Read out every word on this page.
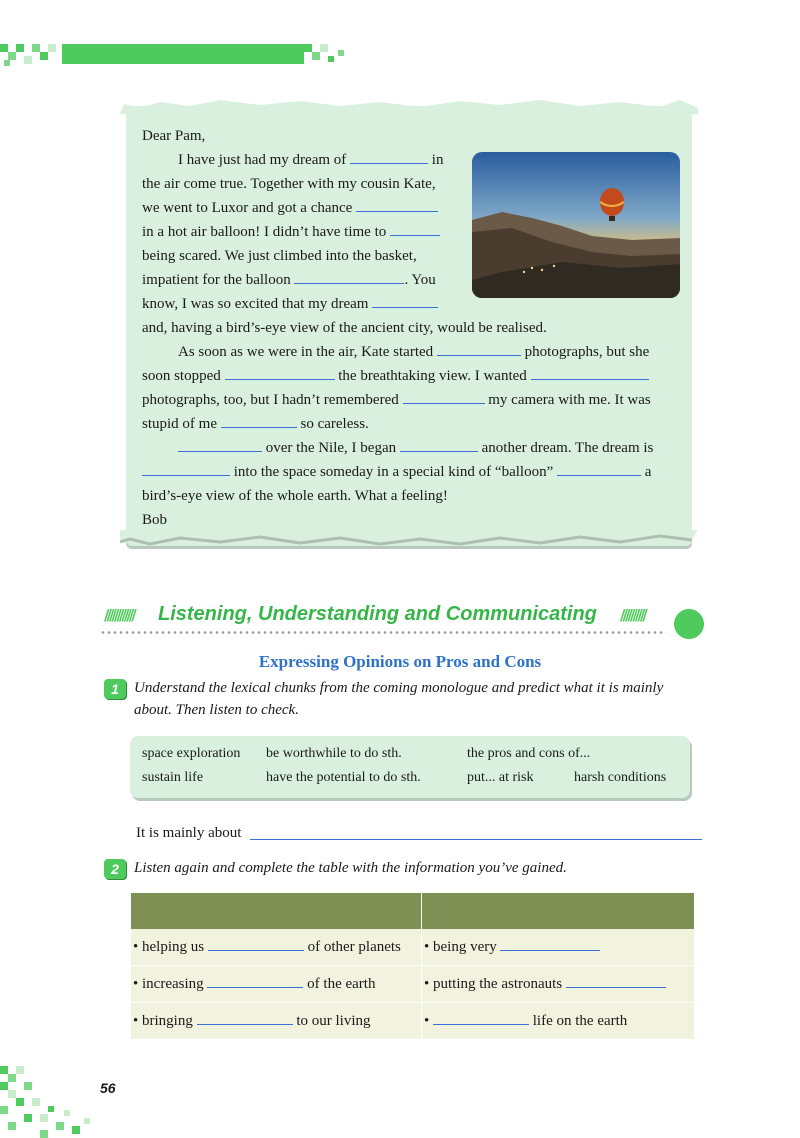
Dear Pam,
I have just had my dream of	in
the air come true. Together with my cousin Kate,
we went to Luxor and got a chance
in a hot air balloon! I didn’t have time to
being scared. We just climbed into the basket,
impatient for the balloon	. You
know, I was so excited that my dream
and, having a bird’s-eye view of the ancient city, would be realised.
As soon as we were in the air, Kate started	photographs, but she
soon stopped	the breathtaking view. I wanted
photographs, too, but I hadn’t remembered	my camera with me. It was
stupid of me	so careless.
over the Nile, I began	another dream. The dream is
into the space someday in a special kind of “balloon”	a
bird’s-eye view of the whole earth. What a feeling!
Bob
//////////// Listening, Understanding and Communicating //////////
Expressing Opinions on Pros and Cons
1	Understand the lexical chunks from the coming monologue and predict what it is mainly
about. Then listen to check.
space exploration be worthwhile to do sth.	the pros and cons of...
sustain life	have the potential to do sth.	put... at risk	harsh conditions
It is mainly about
2	Listen again and complete the table with the information you’ve gained.

• helping us of other planets	• being very
• increasing of the earth	• putting the astronauts
• bringing to our living	• life on the earth
56
